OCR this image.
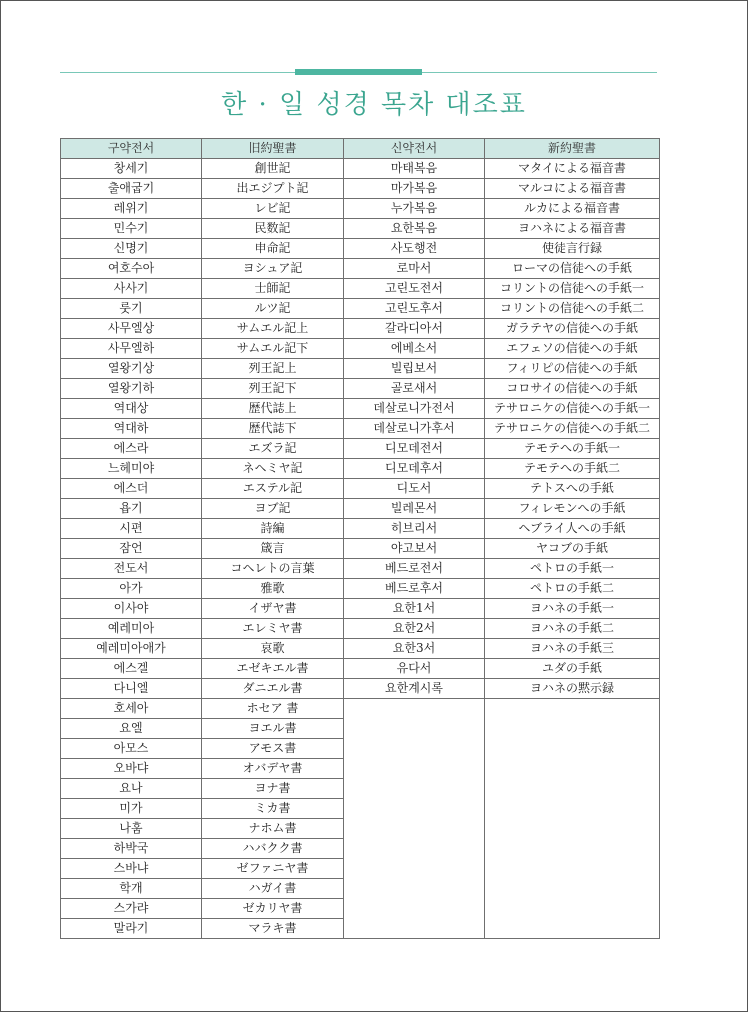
한 · 일 성경 목차 대조표
구약전서	旧約聖書	신약전서	新約聖書
창세기	創世記	마태복음	マタイによる福音書
출애굽기	出エジプト記	마가복음	マルコによる福音書
레위기	レビ記	누가복음	ルカによる福音書
민수기	民数記	요한복음	ヨハネによる福音書
신명기	申命記	사도행전	使徒言行録
여호수아	ヨシュア記	로마서	ローマの信徒への手紙
사사기	士師記	고린도전서	コリントの信徒への手紙一
룻기	ルツ記	고린도후서	コリントの信徒への手紙二
사무엘상	サムエル記上	갈라디아서	ガラテヤの信徒への手紙
사무엘하	サムエル記下	에베소서	エフェソの信徒への手紙
열왕기상	列王記上	빌립보서	フィリピの信徒への手紙
열왕기하	列王記下	골로새서	コロサイの信徒への手紙
역대상	歴代誌上	데살로니가전서	テサロニケの信徒への手紙一
역대하	歴代誌下	데살로니가후서	テサロニケの信徒への手紙二
에스라	エズラ記	디모데전서	テモテへの手紙一
느헤미야	ネヘミヤ記	디모데후서	テモテへの手紙二
에스더	エステル記	디도서	テトスへの手紙
욥기	ヨブ記	빌레몬서	フィレモンへの手紙
시편	詩編	히브리서	ヘブライ人への手紙
잠언	箴言	야고보서	ヤコブの手紙
전도서	コヘレトの言葉	베드로전서	ペトロの手紙一
아가	雅歌	베드로후서	ペトロの手紙二
이사야	イザヤ書	요한1서	ヨハネの手紙一
예레미아	エレミヤ書	요한2서	ヨハネの手紙二
예레미아애가	哀歌	요한3서	ヨハネの手紙三
에스겔	エゼキエル書	유다서	ユダの手紙
다니엘	ダニエル書	요한계시록	ヨハネの黙示録
호세아	ホセア 書		
요엘	ヨエル書		
아모스	アモス書		
오바댜	オバデヤ書		
요나	ヨナ書		
미가	ミカ書		
나훔	ナホム書		
하박국	ハバクク書		
스바냐	ゼファニヤ書		
학개	ハガイ書		
스가랴	ゼカリヤ書		
말라기	マラキ書		
